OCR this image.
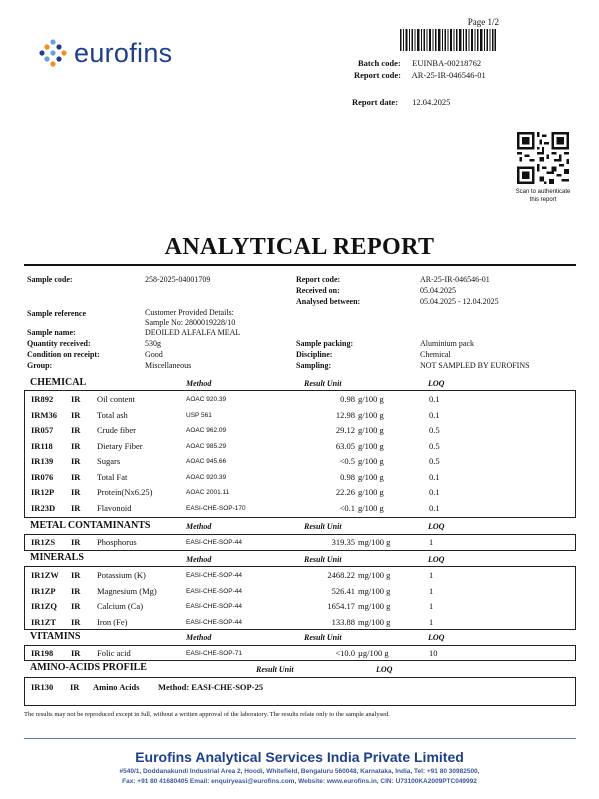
eurofins
Page 1/2
Batch code: EUINBA-00218762
Report code: AR-25-IR-046546-01
Report date: 12.04.2025
Scan to authenticate
this report
ANALYTICAL REPORT
Sample code:	258-2025-04001709	Report code:	AR-25-IR-046546-01
Received on:	05.04.2025
Analysed between:	05.04.2025 - 12.04.2025
Sample reference	Customer Provided Details:
Sample No: 2800019228/10
Sample name:	DEOILED ALFALFA MEAL
Quantity received:	530g
Condition on receipt:	Good
Group:	Miscellaneous
Sample packing:	Aluminium pack
Discipline:	Chemical
Sampling:	NOT SAMPLED BY EUROFINS
CHEMICAL	Method	Result Unit	LOQ
IR892 IR Oil content	AOAC 920.39	0.98 g/100 g	0.1
IRM36 IR Total ash	USP 561	12.98 g/100 g	0.1
IR057 IR Crude fiber	AOAC 962.09	29.12 g/100 g	0.5
IR118 IR Dietary Fiber	AOAC 985.29	63.05 g/100 g	0.5
IR139 IR Sugars	AOAC 945.66	<0.5 g/100 g	0.5
IR076 IR Total Fat	AOAC 920.39	0.98 g/100 g	0.1
IR12P IR Protein(Nx6.25)	AOAC 2001.11	22.26 g/100 g	0.1
IR23D IR Flavonoid	EASI-CHE-SOP-170	<0.1 g/100 g	0.1
METAL CONTAMINANTS	Method	Result Unit	LOQ
IR1ZS IR Phosphorus	EASI-CHE-SOP-44	319.35 mg/100 g	1
MINERALS	Method	Result Unit	LOQ
IR1ZW IR Potassium (K)	EASI-CHE-SOP-44	2468.22 mg/100 g	1
IR1ZP IR Magnesium (Mg)	EASI-CHE-SOP-44	526.41 mg/100 g	1
IR1ZQ IR Calcium (Ca)	EASI-CHE-SOP-44	1654.17 mg/100 g	1
IR1ZT IR Iron (Fe)	EASI-CHE-SOP-44	133.88 mg/100 g	1
VITAMINS	Method	Result Unit	LOQ
IR198 IR Folic acid	EASI-CHE-SOP-71	<10.0 µg/100 g	10
AMINO-ACIDS PROFILE	Result Unit	LOQ
IR130 IR Amino Acids Method: EASI-CHE-SOP-25
The results may not be reproduced except in full, without a written approval of the laboratory. The results relate only to the sample analysed.
Eurofins Analytical Services India Private Limited
#540/1, Doddanakundi Industrial Area 2, Hoodi, Whitefield, Bengaluru 560048, Karnataka, India, Tel: +91 80 30982500,
Fax: +91 80 41680405 Email: enquiryeasi@eurofins.com, Website: www.eurofins.in, CIN: U73100KA2009PTC049992
